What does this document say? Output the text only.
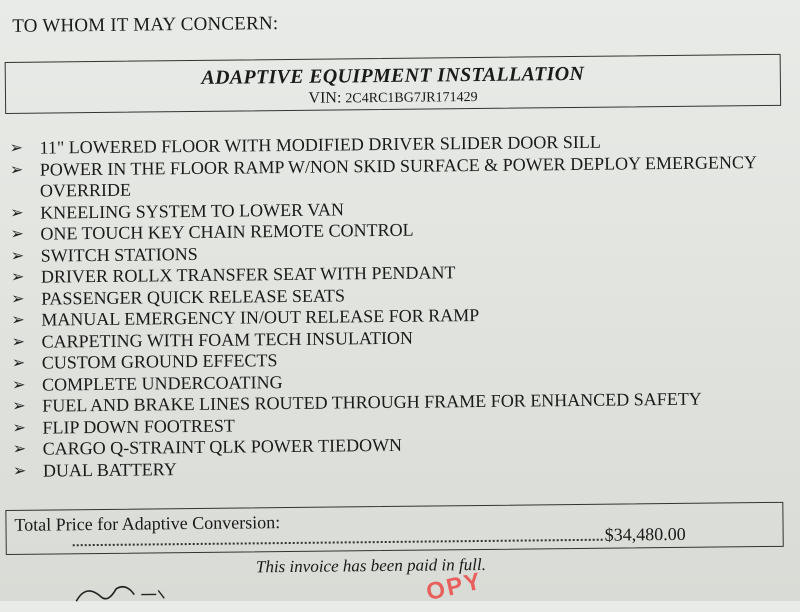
TO WHOM IT MAY CONCERN:
ADAPTIVE EQUIPMENT INSTALLATION
VIN: 2C4RC1BG7JR171429
➢ 11" LOWERED FLOOR WITH MODIFIED DRIVER SLIDER DOOR SILL
➢ POWER IN THE FLOOR RAMP W/NON SKID SURFACE & POWER DEPLOY EMERGENCY OVERRIDE
➢ KNEELING SYSTEM TO LOWER VAN
➢ ONE TOUCH KEY CHAIN REMOTE CONTROL
➢ SWITCH STATIONS
➢ DRIVER ROLLX TRANSFER SEAT WITH PENDANT
➢ PASSENGER QUICK RELEASE SEATS
➢ MANUAL EMERGENCY IN/OUT RELEASE FOR RAMP
➢ CARPETING WITH FOAM TECH INSULATION
➢ CUSTOM GROUND EFFECTS
➢ COMPLETE UNDERCOATING
➢ FUEL AND BRAKE LINES ROUTED THROUGH FRAME FOR ENHANCED SAFETY
➢ FLIP DOWN FOOTREST
➢ CARGO Q-STRAINT QLK POWER TIEDOWN
➢ DUAL BATTERY
Total Price for Adaptive Conversion:	$34,480.00
This invoice has been paid in full.
OPY
